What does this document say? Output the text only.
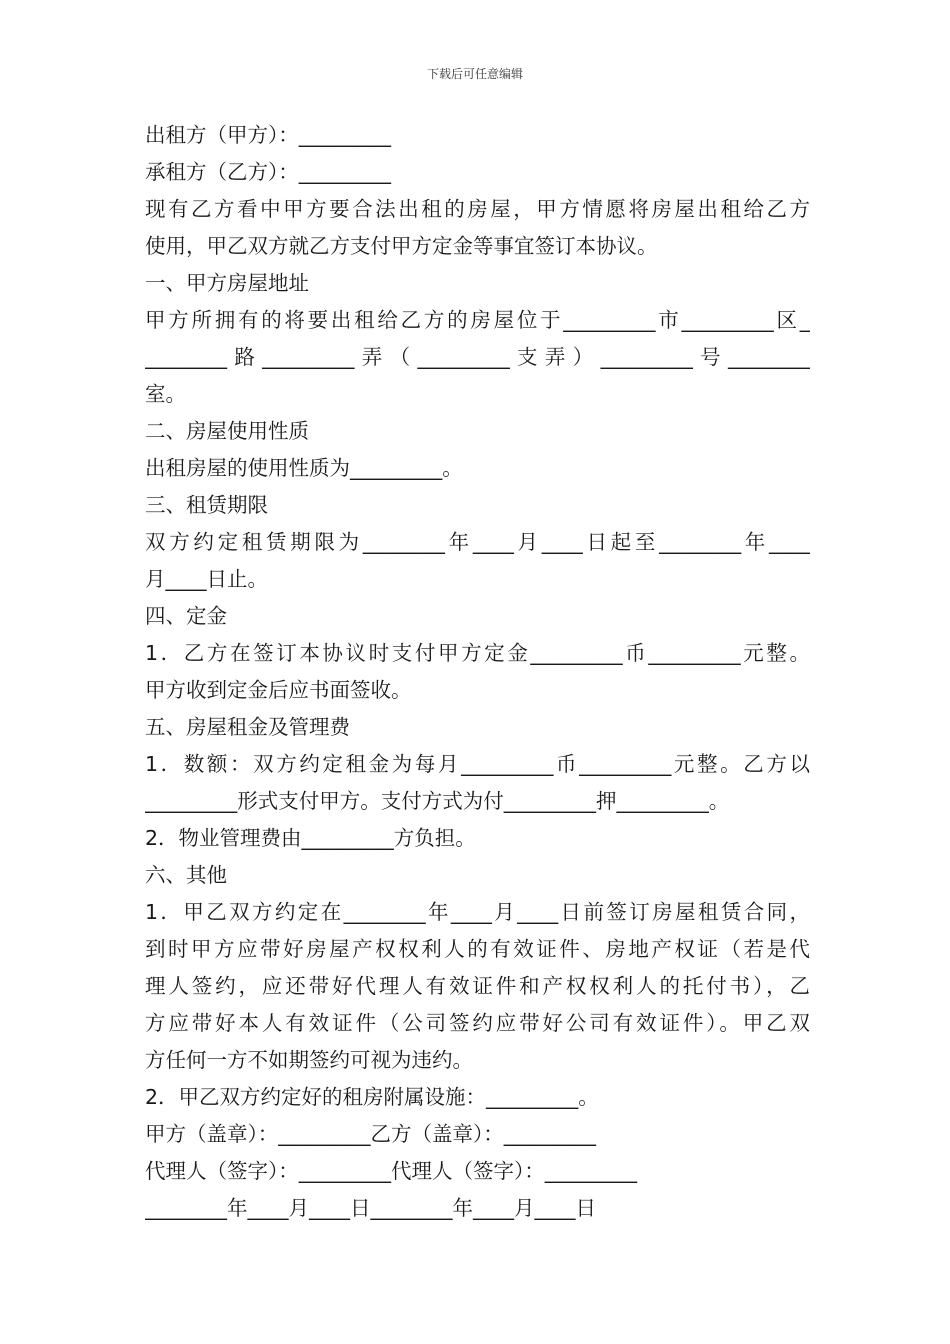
下载后可任意编辑
出租方（甲方）：_________
承租方（乙方）：_________
现有乙方看中甲方要合法出租的房屋，甲方情愿将房屋出租给乙方
使用，甲乙双方就乙方支付甲方定金等事宜签订本协议。
一、甲方房屋地址
甲方所拥有的将要出租给乙方的房屋位于_________市_________区_
________路_________弄（_________支弄）_________号________
室。
二、房屋使用性质
出租房屋的使用性质为_________。
三、租赁期限
双方约定租赁期限为________年____月____日起至________年____
月____日止。
四、定金
1．乙方在签订本协议时支付甲方定金_________币_________元整。
甲方收到定金后应书面签收。
五、房屋租金及管理费
1．数额：双方约定租金为每月_________币_________元整。乙方以
_________形式支付甲方。支付方式为付_________押_________。
2．物业管理费由_________方负担。
六、其他
1．甲乙双方约定在________年____月____日前签订房屋租赁合同，
到时甲方应带好房屋产权权利人的有效证件、房地产权证（若是代
理人签约，应还带好代理人有效证件和产权权利人的托付书），乙
方应带好本人有效证件（公司签约应带好公司有效证件）。甲乙双
方任何一方不如期签约可视为违约。
2．甲乙双方约定好的租房附属设施：_________。
甲方（盖章）：_________乙方（盖章）：_________
代理人（签字）：_________代理人（签字）：_________
________年____月____日________年____月____日
